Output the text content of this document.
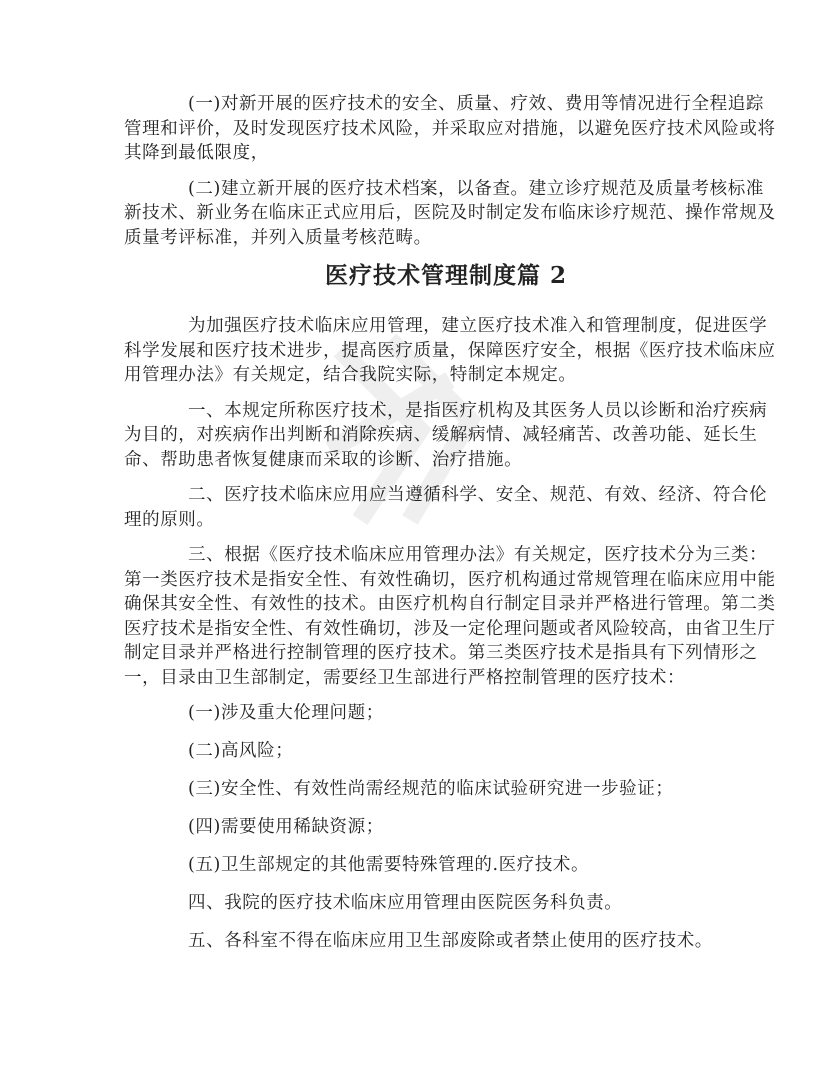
(一)对新开展的医疗技术的安全、质量、疗效、费用等情况进行全程追踪
管理和评价，及时发现医疗技术风险，并采取应对措施，以避免医疗技术风险或将
其降到最低限度，
(二)建立新开展的医疗技术档案，以备查。建立诊疗规范及质量考核标准
新技术、新业务在临床正式应用后，医院及时制定发布临床诊疗规范、操作常规及
质量考评标准，并列入质量考核范畴。
医疗技术管理制度篇 2
为加强医疗技术临床应用管理，建立医疗技术准入和管理制度，促进医学
科学发展和医疗技术进步，提高医疗质量，保障医疗安全，根据《医疗技术临床应
用管理办法》有关规定，结合我院实际，特制定本规定。
一、本规定所称医疗技术，是指医疗机构及其医务人员以诊断和治疗疾病
为目的，对疾病作出判断和消除疾病、缓解病情、减轻痛苦、改善功能、延长生
命、帮助患者恢复健康而采取的诊断、治疗措施。
二、医疗技术临床应用应当遵循科学、安全、规范、有效、经济、符合伦
理的原则。
三、根据《医疗技术临床应用管理办法》有关规定，医疗技术分为三类：
第一类医疗技术是指安全性、有效性确切，医疗机构通过常规管理在临床应用中能
确保其安全性、有效性的技术。由医疗机构自行制定目录并严格进行管理。第二类
医疗技术是指安全性、有效性确切，涉及一定伦理问题或者风险较高，由省卫生厅
制定目录并严格进行控制管理的医疗技术。第三类医疗技术是指具有下列情形之
一，目录由卫生部制定，需要经卫生部进行严格控制管理的医疗技术：
(一)涉及重大伦理问题；
(二)高风险；
(三)安全性、有效性尚需经规范的临床试验研究进一步验证；
(四)需要使用稀缺资源；
(五)卫生部规定的其他需要特殊管理的.医疗技术。
四、我院的医疗技术临床应用管理由医院医务科负责。
五、各科室不得在临床应用卫生部废除或者禁止使用的医疗技术。
